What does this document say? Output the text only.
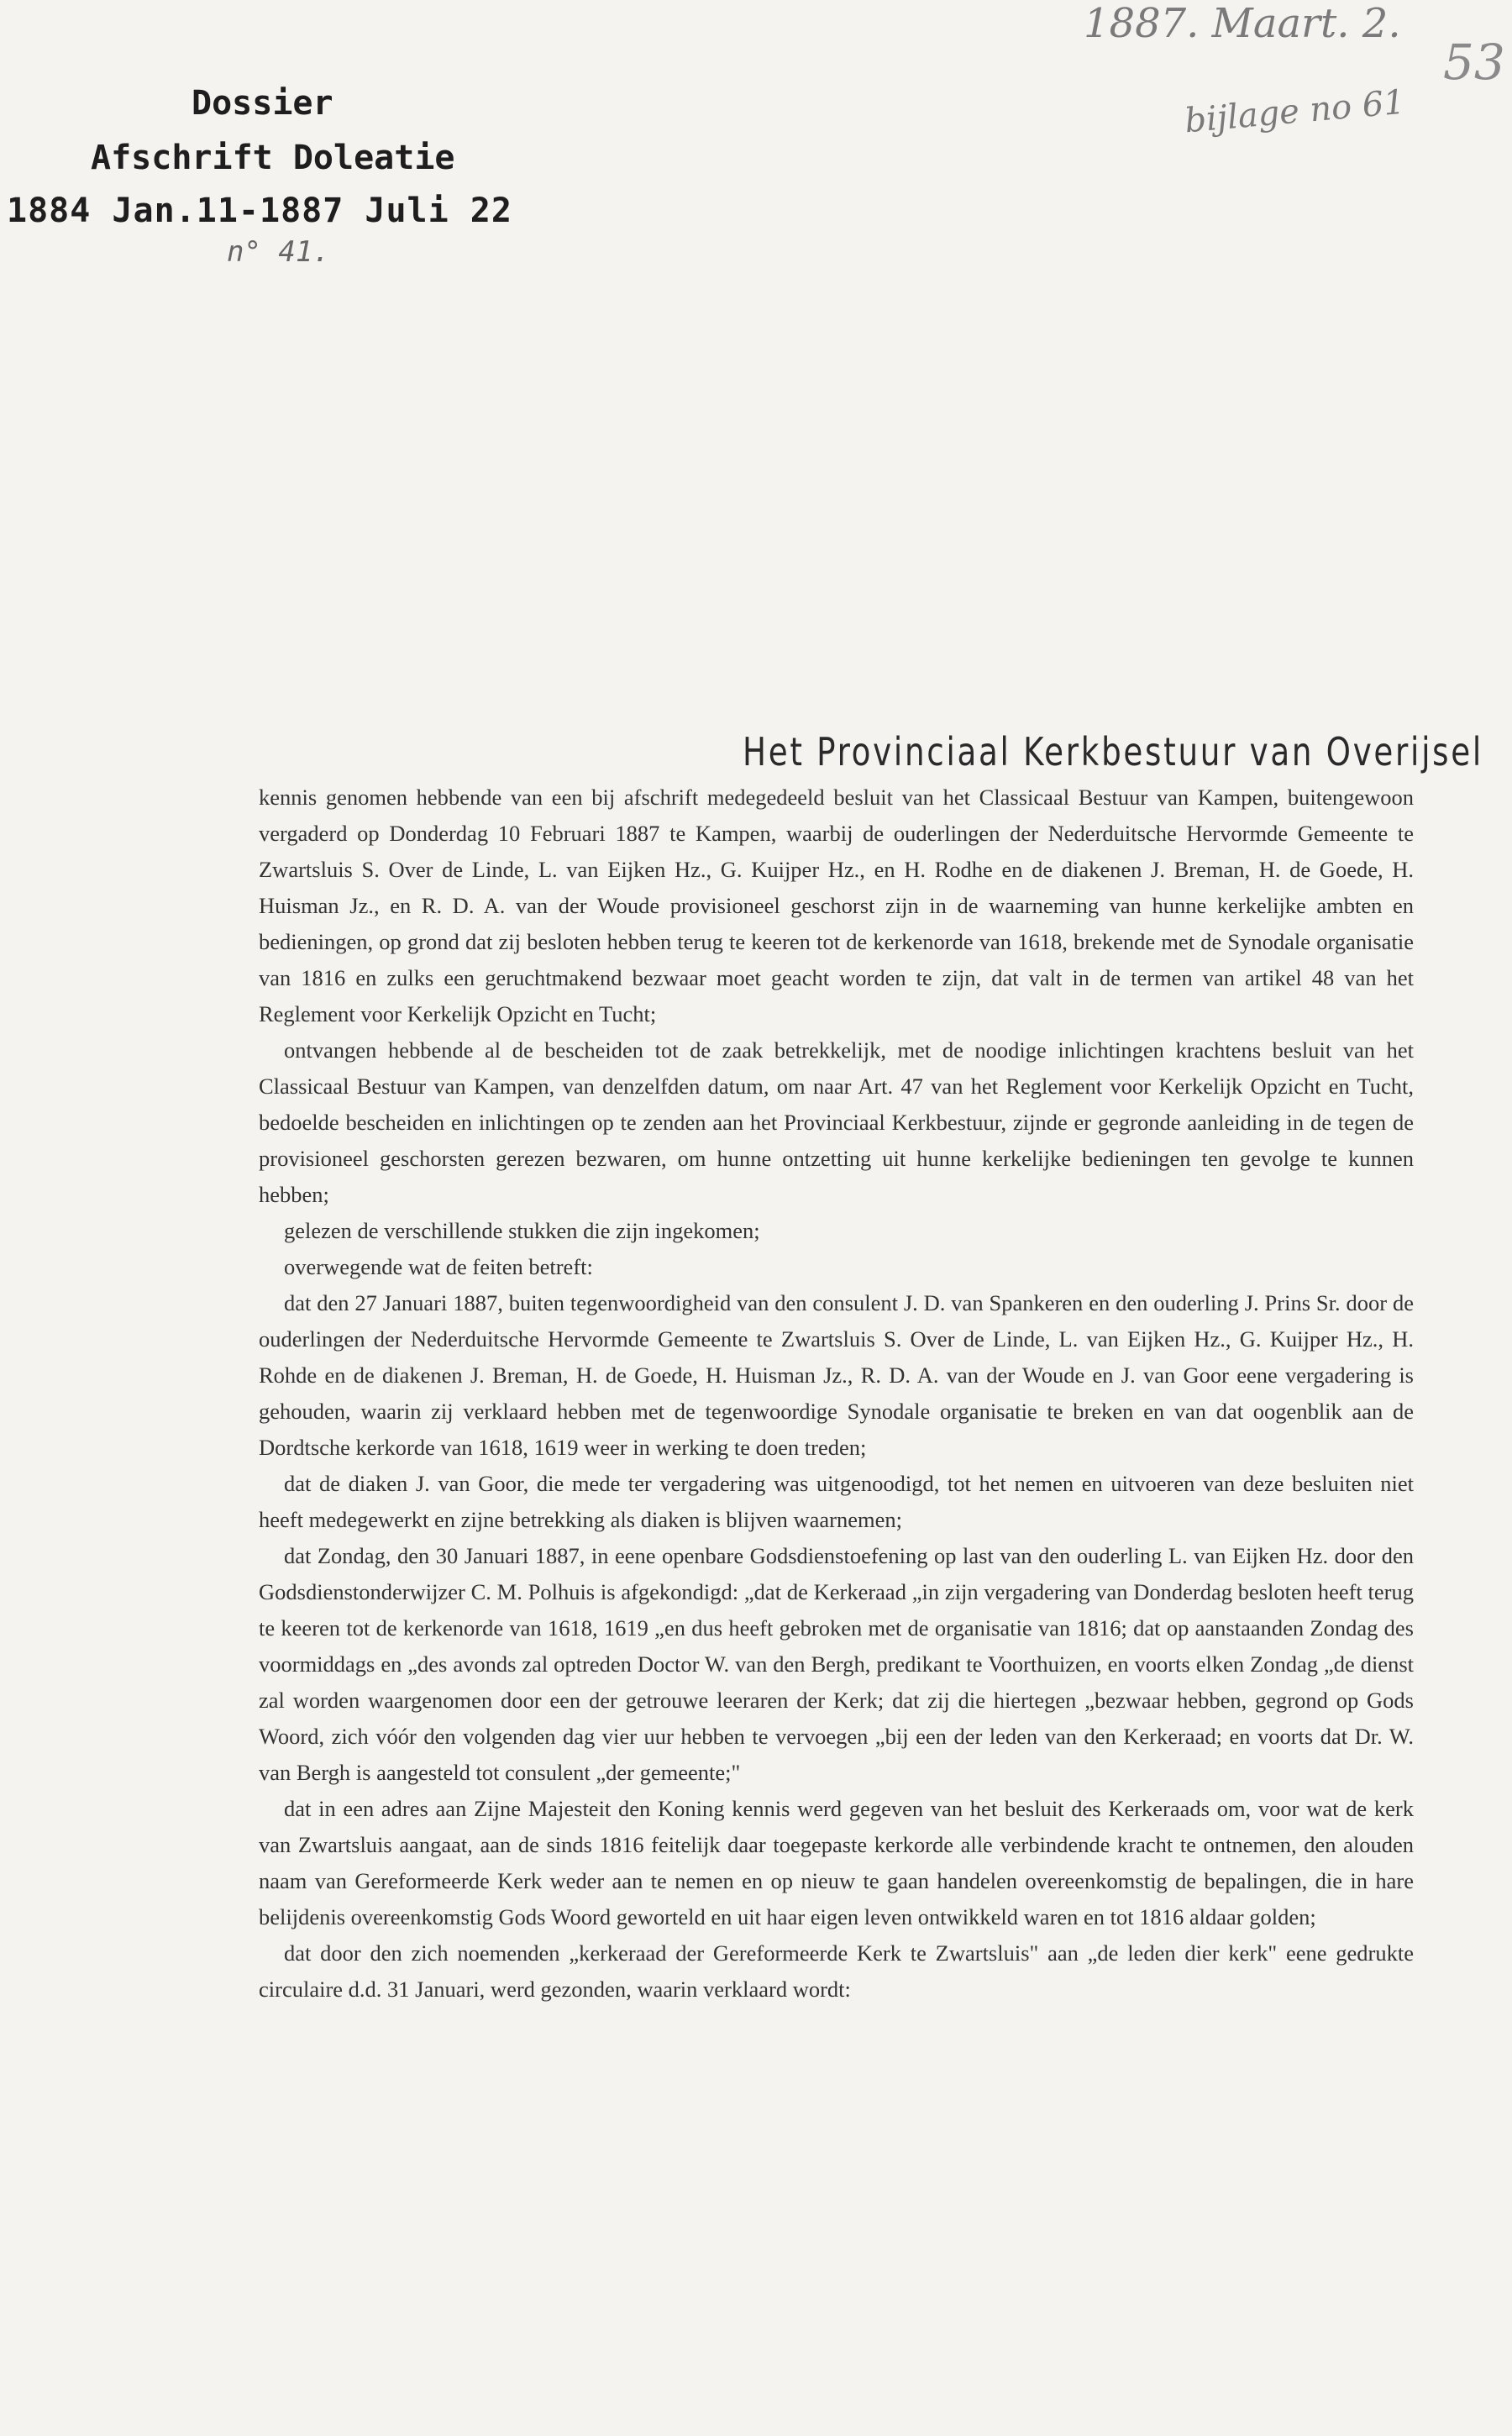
Dossier
Afschrift Doleatie
1884 Jan.11-1887 Juli 22
n° 41.
1887. Maart. 2.
bijlage no 61
53
Het Provinciaal Kerkbestuur van Overijsel

kennis genomen hebbende van een bij afschrift medegedeeld besluit van het Classicaal Bestuur van Kampen, buitengewoon vergaderd op Donderdag 10 Februari 1887 te Kampen, waarbij de ouderlingen der Nederduitsche Hervormde Gemeente te Zwartsluis S. Over de Linde, L. van Eijken Hz., G. Kuijper Hz., en H. Rodhe en de diakenen J. Breman, H. de Goede, H. Huisman Jz., en R. D. A. van der Woude provisioneel geschorst zijn in de waarneming van hunne kerkelijke ambten en bedieningen, op grond dat zij besloten hebben terug te keeren tot de kerkenorde van 1618, brekende met de Synodale organisatie van 1816 en zulks een geruchtmakend bezwaar moet geacht worden te zijn, dat valt in de termen van artikel 48 van het Reglement voor Kerkelijk Opzicht en Tucht;

ontvangen hebbende al de bescheiden tot de zaak betrekkelijk, met de noodige inlichtingen krachtens besluit van het Classicaal Bestuur van Kampen, van denzelfden datum, om naar Art. 47 van het Reglement voor Kerkelijk Opzicht en Tucht, bedoelde bescheiden en inlichtingen op te zenden aan het Provinciaal Kerkbestuur, zijnde er gegronde aanleiding in de tegen de provisioneel geschorsten gerezen bezwaren, om hunne ontzetting uit hunne kerkelijke bedieningen ten gevolge te kunnen hebben;

gelezen de verschillende stukken die zijn ingekomen;

overwegende wat de feiten betreft:

dat den 27 Januari 1887, buiten tegenwoordigheid van den consulent J. D. van Spankeren en den ouderling J. Prins Sr. door de ouderlingen der Nederduitsche Hervormde Gemeente te Zwartsluis S. Over de Linde, L. van Eijken Hz., G. Kuijper Hz., H. Rohde en de diakenen J. Breman, H. de Goede, H. Huisman Jz., R. D. A. van der Woude en J. van Goor eene vergadering is gehouden, waarin zij verklaard hebben met de tegenwoordige Synodale organisatie te breken en van dat oogenblik aan de Dordtsche kerkorde van 1618, 1619 weer in werking te doen treden;

dat de diaken J. van Goor, die mede ter vergadering was uitgenoodigd, tot het nemen en uitvoeren van deze besluiten niet heeft medegewerkt en zijne betrekking als diaken is blijven waarnemen;

dat Zondag, den 30 Januari 1887, in eene openbare Godsdienstoefening op last van den ouderling L. van Eijken Hz. door den Godsdienstonderwijzer C. M. Polhuis is afgekondigd: „dat de Kerkeraad „in zijn vergadering van Donderdag besloten heeft terug te keeren tot de kerkenorde van 1618, 1619 „en dus heeft gebroken met de organisatie van 1816; dat op aanstaanden Zondag des voormiddags en „des avonds zal optreden Doctor W. van den Bergh, predikant te Voorthuizen, en voorts elken Zondag „de dienst zal worden waargenomen door een der getrouwe leeraren der Kerk; dat zij die hiertegen „bezwaar hebben, gegrond op Gods Woord, zich vóór den volgenden dag vier uur hebben te vervoegen „bij een der leden van den Kerkeraad; en voorts dat Dr. W. van Bergh is aangesteld tot consulent „der gemeente;"

dat in een adres aan Zijne Majesteit den Koning kennis werd gegeven van het besluit des Kerkeraads om, voor wat de kerk van Zwartsluis aangaat, aan de sinds 1816 feitelijk daar toegepaste kerkorde alle verbindende kracht te ontnemen, den alouden naam van Gereformeerde Kerk weder aan te nemen en op nieuw te gaan handelen overeenkomstig de bepalingen, die in hare belijdenis overeenkomstig Gods Woord geworteld en uit haar eigen leven ontwikkeld waren en tot 1816 aldaar golden;

dat door den zich noemenden „kerkeraad der Gereformeerde Kerk te Zwartsluis" aan „de leden dier kerk" eene gedrukte circulaire d.d. 31 Januari, werd gezonden, waarin verklaard wordt:
